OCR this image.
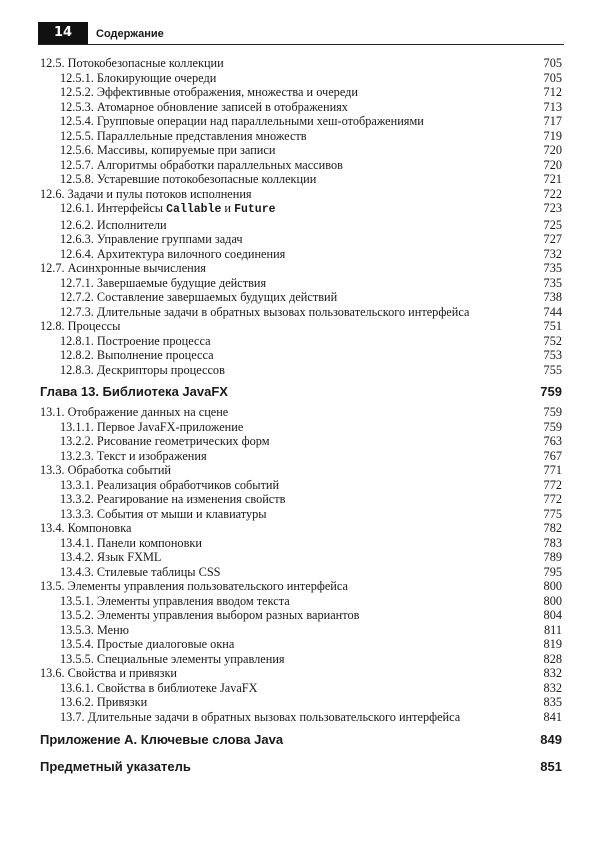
14	Содержание
12.5. Потокобезопасные коллекции	705
12.5.1. Блокирующие очереди	705
12.5.2. Эффективные отображения, множества и очереди	712
12.5.3. Атомарное обновление записей в отображениях	713
12.5.4. Групповые операции над параллельными хеш-отображениями	717
12.5.5. Параллельные представления множеств	719
12.5.6. Массивы, копируемые при записи	720
12.5.7. Алгоритмы обработки параллельных массивов	720
12.5.8. Устаревшие потокобезопасные коллекции	721
12.6. Задачи и пулы потоков исполнения	722
12.6.1. Интерфейсы Callable и Future	723
12.6.2. Исполнители	725
12.6.3. Управление группами задач	727
12.6.4. Архитектура вилочного соединения	732
12.7. Асинхронные вычисления	735
12.7.1. Завершаемые будущие действия	735
12.7.2. Составление завершаемых будущих действий	738
12.7.3. Длительные задачи в обратных вызовах пользовательского интерфейса	744
12.8. Процессы	751
12.8.1. Построение процесса	752
12.8.2. Выполнение процесса	753
12.8.3. Дескрипторы процессов	755
Глава 13. Библиотека JavaFX	759
13.1. Отображение данных на сцене	759
13.1.1. Первое JavaFX-приложение	759
13.2.2. Рисование геометрических форм	763
13.2.3. Текст и изображения	767
13.3. Обработка событий	771
13.3.1. Реализация обработчиков событий	772
13.3.2. Реагирование на изменения свойств	772
13.3.3. События от мыши и клавиатуры	775
13.4. Компоновка	782
13.4.1. Панели компоновки	783
13.4.2. Язык FXML	789
13.4.3. Стилевые таблицы CSS	795
13.5. Элементы управления пользовательского интерфейса	800
13.5.1. Элементы управления вводом текста	800
13.5.2. Элементы управления выбором разных вариантов	804
13.5.3. Меню	811
13.5.4. Простые диалоговые окна	819
13.5.5. Специальные элементы управления	828
13.6. Свойства и привязки	832
13.6.1. Свойства в библиотеке JavaFX	832
13.6.2. Привязки	835
13.7. Длительные задачи в обратных вызовах пользовательского интерфейса	841
Приложение А. Ключевые слова Java	849
Предметный указатель	851
